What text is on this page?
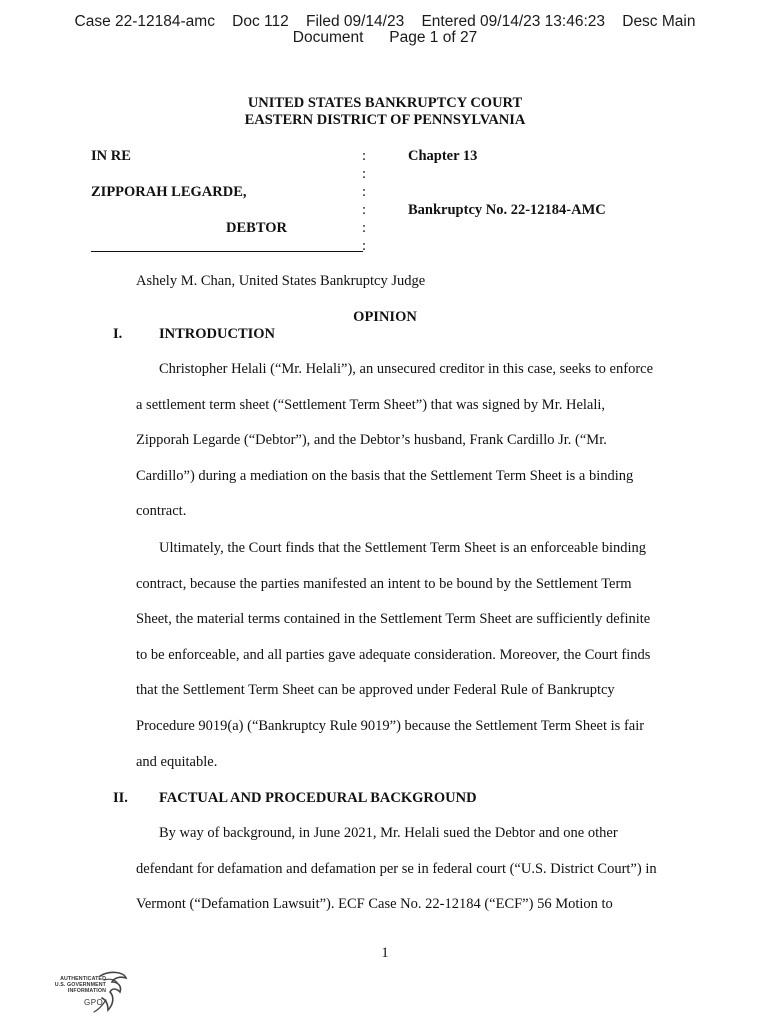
Case 22-12184-amc    Doc 112    Filed 09/14/23    Entered 09/14/23 13:46:23    Desc Main
Document      Page 1 of 27
UNITED STATES BANKRUPTCY COURT
EASTERN DISTRICT OF PENNSYLVANIA
IN RE
ZIPPORAH LEGARDE,
DEBTOR
:
:
:
:
:
:
Chapter 13
Bankruptcy No. 22-12184-AMC
Ashely M. Chan, United States Bankruptcy Judge
OPINION
I.	INTRODUCTION
Christopher Helali (“Mr. Helali”), an unsecured creditor in this case, seeks to enforce
a settlement term sheet (“Settlement Term Sheet”) that was signed by Mr. Helali,
Zipporah Legarde (“Debtor”), and the Debtor’s husband, Frank Cardillo Jr. (“Mr.
Cardillo”) during a mediation on the basis that the Settlement Term Sheet is a binding
contract.
Ultimately, the Court finds that the Settlement Term Sheet is an enforceable binding
contract, because the parties manifested an intent to be bound by the Settlement Term
Sheet, the material terms contained in the Settlement Term Sheet are sufficiently definite
to be enforceable, and all parties gave adequate consideration. Moreover, the Court finds
that the Settlement Term Sheet can be approved under Federal Rule of Bankruptcy
Procedure 9019(a) (“Bankruptcy Rule 9019”) because the Settlement Term Sheet is fair
and equitable.
II. FACTUAL AND PROCEDURAL BACKGROUND
By way of background, in June 2021, Mr. Helali sued the Debtor and one other
defendant for defamation and defamation per se in federal court (“U.S. District Court”) in
Vermont (“Defamation Lawsuit”). ECF Case No. 22-12184 (“ECF”) 56 Motion to
1
AUTHENTICATED
U.S. GOVERNMENT
INFORMATION
GPO
